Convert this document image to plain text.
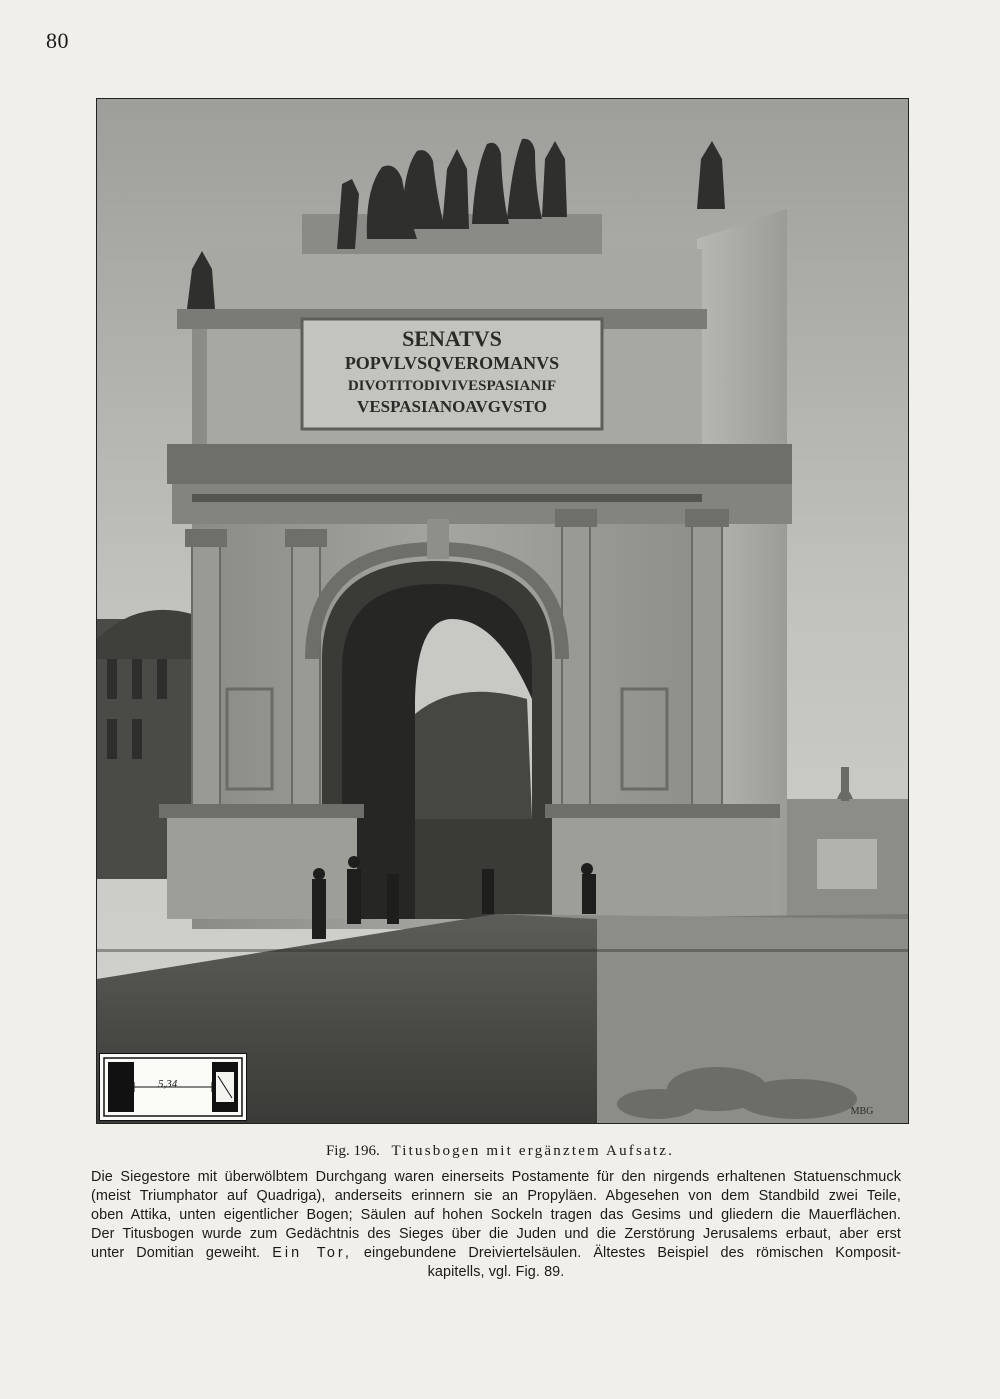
80
SENATVS
POPVLVSQVEROMANVS
DIVOTITODIVIVESPASIANIF
VESPASIANOAVGVSTO
MBG
5,34
Fig. 196. Titusbogen mit ergänztem Aufsatz.
Die Siegestore mit überwölbtem Durchgang waren einerseits Postamente für den nirgends erhaltenen Statuenschmuck
(meist Triumphator auf Quadriga), anderseits erinnern sie an Propyläen. Abgesehen von dem Standbild zwei Teile,
oben Attika, unten eigentlicher Bogen; Säulen auf hohen Sockeln tragen das Gesims und gliedern die Mauerflächen.
Der Titusbogen wurde zum Gedächtnis des Sieges über die Juden und die Zerstörung Jerusalems erbaut, aber erst
unter Domitian geweiht. Ein Tor, eingebundene Dreiviertelsäulen. Ältestes Beispiel des römischen Komposit-
kapitells, vgl. Fig. 89.
